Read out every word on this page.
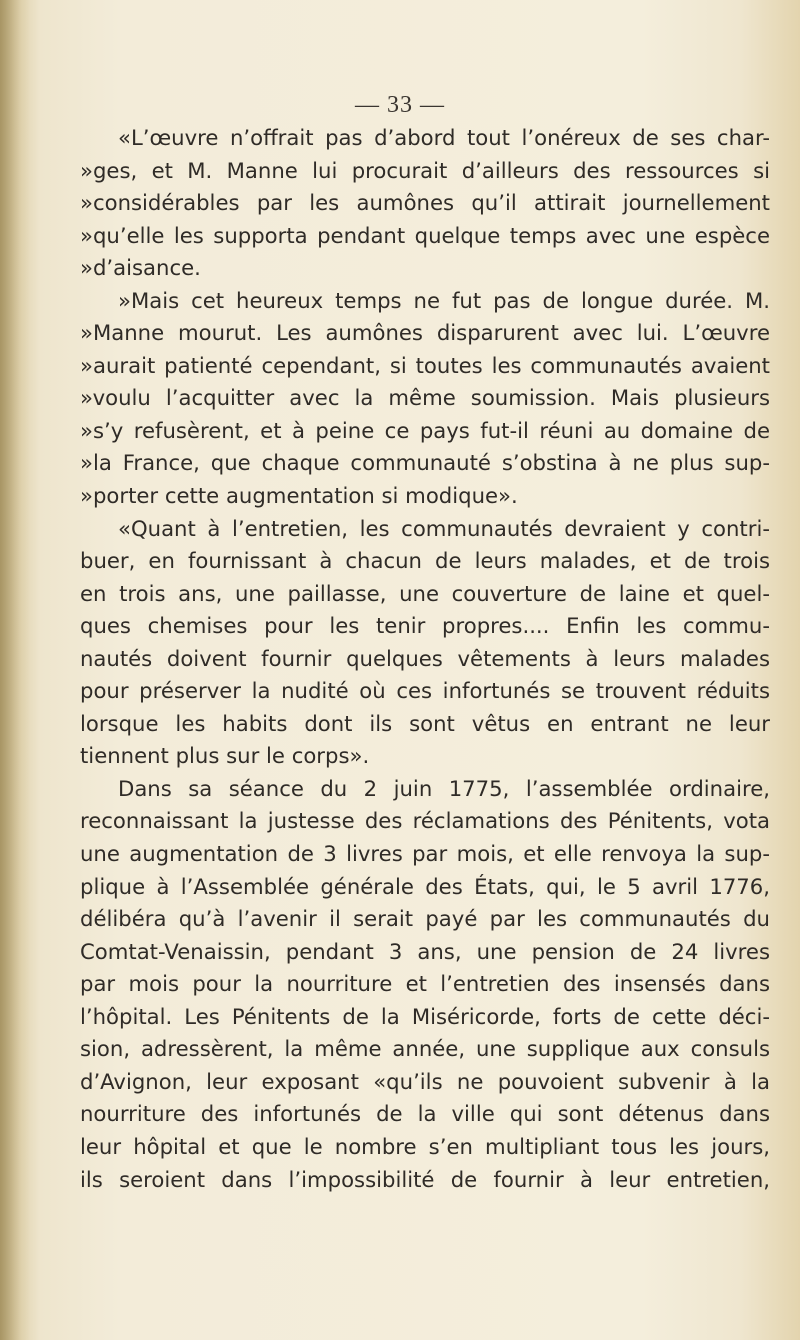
— 33 —
«L’œuvre n’offrait pas d’abord tout l’onéreux de ses char-
»ges, et M. Manne lui procurait d’ailleurs des ressources si
»considérables par les aumônes qu’il attirait journellement
»qu’elle les supporta pendant quelque temps avec une espèce
»d’aisance.
»Mais cet heureux temps ne fut pas de longue durée. M.
»Manne mourut. Les aumônes disparurent avec lui. L’œuvre
»aurait patienté cependant, si toutes les communautés avaient
»voulu l’acquitter avec la même soumission. Mais plusieurs
»s’y refusèrent, et à peine ce pays fut-il réuni au domaine de
»la France, que chaque communauté s’obstina à ne plus sup-
»porter cette augmentation si modique».
«Quant à l’entretien, les communautés devraient y contri-
buer, en fournissant à chacun de leurs malades, et de trois
en trois ans, une paillasse, une couverture de laine et quel-
ques chemises pour les tenir propres.... Enfin les commu-
nautés doivent fournir quelques vêtements à leurs malades
pour préserver la nudité où ces infortunés se trouvent réduits
lorsque les habits dont ils sont vêtus en entrant ne leur
tiennent plus sur le corps».
Dans sa séance du 2 juin 1775, l’assemblée ordinaire,
reconnaissant la justesse des réclamations des Pénitents, vota
une augmentation de 3 livres par mois, et elle renvoya la sup-
plique à l’Assemblée générale des États, qui, le 5 avril 1776,
délibéra qu’à l’avenir il serait payé par les communautés du
Comtat-Venaissin, pendant 3 ans, une pension de 24 livres
par mois pour la nourriture et l’entretien des insensés dans
l’hôpital. Les Pénitents de la Miséricorde, forts de cette déci-
sion, adressèrent, la même année, une supplique aux consuls
d’Avignon, leur exposant «qu’ils ne pouvoient subvenir à la
nourriture des infortunés de la ville qui sont détenus dans
leur hôpital et que le nombre s’en multipliant tous les jours,
ils seroient dans l’impossibilité de fournir à leur entretien,
